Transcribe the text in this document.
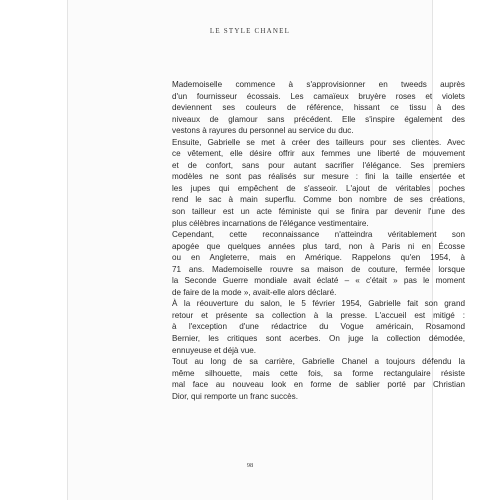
LE STYLE CHANEL
Mademoiselle commence à s'approvisionner en tweeds auprès
d'un fournisseur écossais. Les camaïeux bruyère roses et violets
deviennent ses couleurs de référence, hissant ce tissu à des
niveaux de glamour sans précédent. Elle s'inspire également des
vestons à rayures du personnel au service du duc.
Ensuite, Gabrielle se met à créer des tailleurs pour ses clientes. Avec
ce vêtement, elle désire offrir aux femmes une liberté de mouvement
et de confort, sans pour autant sacrifier l'élégance. Ses premiers
modèles ne sont pas réalisés sur mesure : fini la taille ensertée et
les jupes qui empêchent de s'asseoir. L'ajout de véritables poches
rend le sac à main superflu. Comme bon nombre de ses créations,
son tailleur est un acte féministe qui se finira par devenir l'une des
plus célèbres incarnations de l'élégance vestimentaire.
Cependant, cette reconnaissance n'atteindra véritablement son
apogée que quelques années plus tard, non à Paris ni en Écosse
ou en Angleterre, mais en Amérique. Rappelons qu'en 1954, à
71 ans. Mademoiselle rouvre sa maison de couture, fermée lorsque
la Seconde Guerre mondiale avait éclaté – « c'était » pas le moment
de faire de la mode », avait-elle alors déclaré.
À la réouverture du salon, le 5 février 1954, Gabrielle fait son grand
retour et présente sa collection à la presse. L'accueil est mitigé :
à l'exception d'une rédactrice du Vogue américain, Rosamond
Bernier, les critiques sont acerbes. On juge la collection démodée,
ennuyeuse et déjà vue.
Tout au long de sa carrière, Gabrielle Chanel a toujours défendu la
même silhouette, mais cette fois, sa forme rectangulaire résiste
mal face au nouveau look en forme de sablier porté par Christian
Dior, qui remporte un franc succès.
98
